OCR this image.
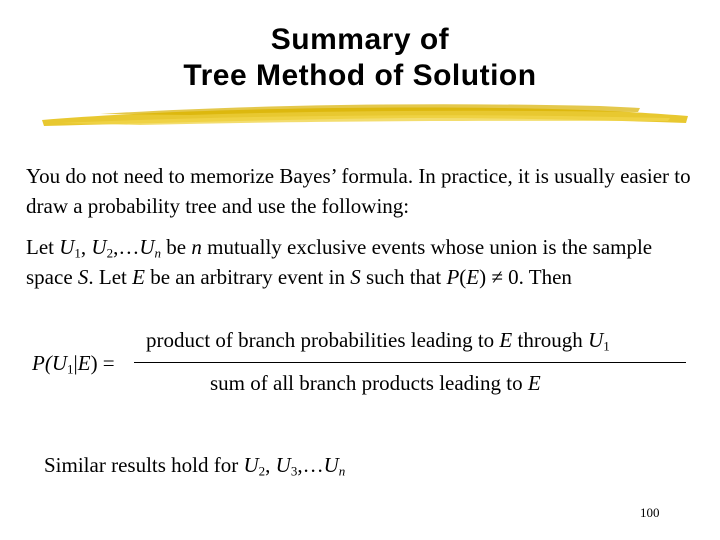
Summary of
Tree Method of Solution

You do not need to memorize Bayes’ formula. In practice, it is usually easier to draw a probability tree and use the following:

Let $U_1$, $U_2,\dots U_n$ be n mutually exclusive events whose union is the sample space S. Let E be an arbitrary event in S such that P(E) ≠ 0. Then

$P(U_1|E)$ =
product of branch probabilities leading to E through $U_1$
sum of all branch products leading to E
Similar results hold for $U_2$, $U_3,\dots U_n$
100
